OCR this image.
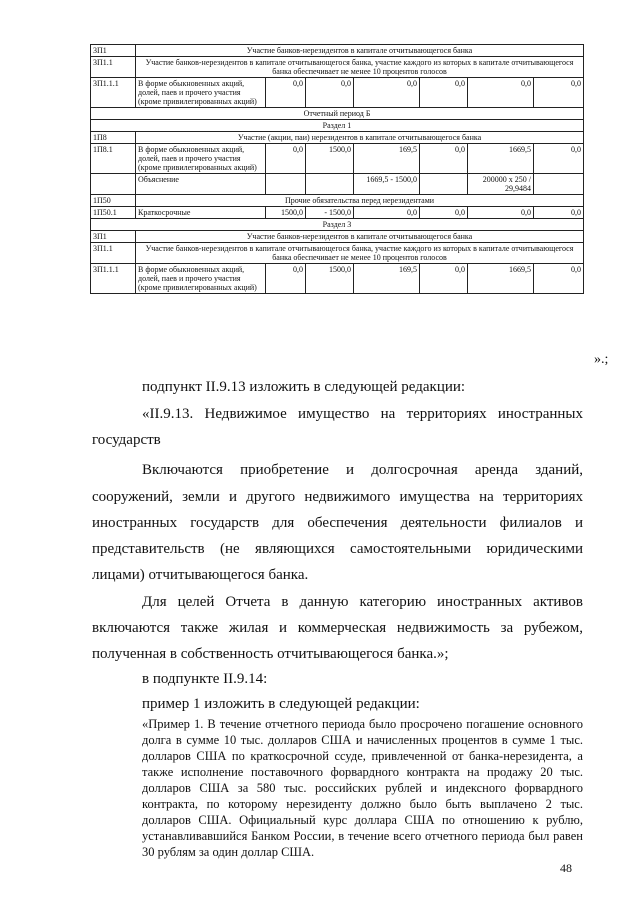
3П1	Участие банков-нерезидентов в капитале отчитывающегося банка						
3П1.1	Участие банков-нерезидентов в капитале отчитывающегося банка, участие каждого из которых в капитале отчитывающегося банка обеспечивает не менее 10 процентов голосов						
3П1.1.1	В форме обыкновенных акций, долей, паев и прочего участия (кроме привилегированных акций)	0,0	0,0	0,0	0,0	0,0	0,0
Отчетный период Б							
Раздел 1							
1П8	Участие (акции, паи) нерезидентов в капитале отчитывающегося банка						
1П8.1	В форме обыкновенных акций, долей, паев и прочего участия (кроме привилегированных акций)	0,0	1500,0	169,5	0,0	1669,5	0,0
	Объяснение			1669,5 - 1500,0		200000 x 250 / 29,9484	
1П50	Прочие обязательства перед нерезидентами						
1П50.1	Краткосрочные	1500,0	- 1500,0	0,0	0,0	0,0	0,0
Раздел 3							
3П1	Участие банков-нерезидентов в капитале отчитывающегося банка						
3П1.1	Участие банков-нерезидентов в капитале отчитывающегося банка, участие каждого из которых в капитале отчитывающегося банка обеспечивает не менее 10 процентов голосов						
3П1.1.1	В форме обыкновенных акций, долей, паев и прочего участия (кроме привилегированных акций)	0,0	1500,0	169,5	0,0	1669,5	0,0
».;
подпункт II.9.13 изложить в следующей редакции:
«II.9.13. Недвижимое имущество на территориях иностранных
государств
Включаются приобретение и долгосрочная аренда зданий,
сооружений, земли и другого недвижимого имущества на территориях
иностранных государств для обеспечения деятельности филиалов и
представительств (не являющихся самостоятельными юридическими
лицами) отчитывающегося банка.
Для целей Отчета в данную категорию иностранных активов
включаются также жилая и коммерческая недвижимость за рубежом,
полученная в собственность отчитывающегося банка.»;
в подпункте II.9.14:
пример 1 изложить в следующей редакции:
«Пример 1. В течение отчетного периода было просрочено погашение основного долга в сумме 10 тыс. долларов США и начисленных процентов в сумме 1 тыс. долларов США по краткосрочной ссуде, привлеченной от банка-нерезидента, а также исполнение поставочного форвардного контракта на продажу 20 тыс. долларов США за 580 тыс. российских рублей и индексного форвардного контракта, по которому нерезиденту должно было быть выплачено 2 тыс. долларов США. Официальный курс доллара США по отношению к рублю, устанавливавшийся Банком России, в течение всего отчетного периода был равен 30 рублям за один доллар США.
48
